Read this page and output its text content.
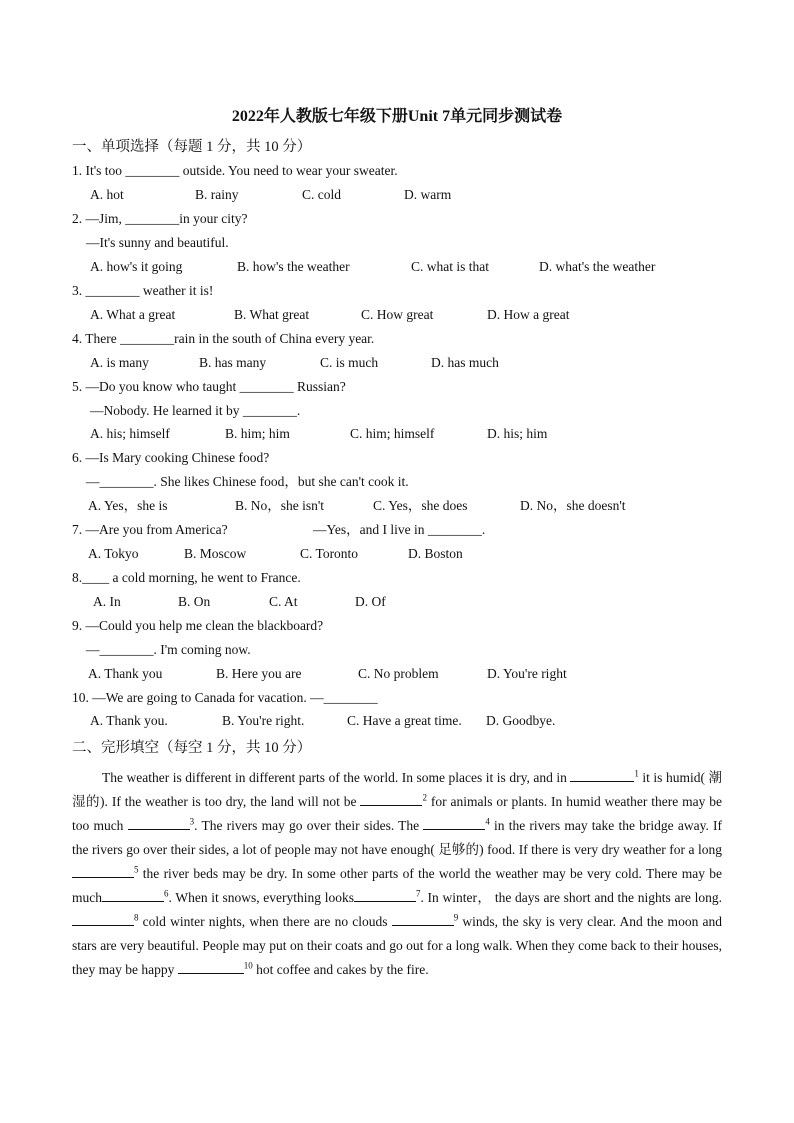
2022年人教版七年级下册Unit 7单元同步测试卷
一、单项选择（每题 1 分，共 10 分）
1. It's too ________ outside. You need to wear your sweater.
A. hot	B. rainy	C. cold	D. warm
2. —Jim, ________in your city?
—It's sunny and beautiful.
A. how's it going	B. how's the weather	C. what is that	D. what's the weather
3. ________ weather it is!
A. What a great	B. What great	C. How great	D. How a great
4. There ________rain in the south of China every year.
A. is many	B. has many	C. is much	D. has much
5. —Do you know who taught ________ Russian?
—Nobody. He learned it by ________.
A. his; himself	B. him; him	C. him; himself	D. his; him
6. —Is Mary cooking Chinese food?
—________. She likes Chinese food，but she can't cook it.
A. Yes，she is	B. No，she isn't	C. Yes，she does	D. No，she doesn't
7. —Are you from America?	—Yes，and I live in ________.
A. Tokyo	B. Moscow	C. Toronto	D. Boston
8.____ a cold morning, he went to France.
A. In	B. On	C. At	D. Of
9. —Could you help me clean the blackboard?
—________. I'm coming now.
A. Thank you	B. Here you are	C. No problem	D. You're right
10. —We are going to Canada for vacation. —________
A. Thank you.	B. You're right.	C. Have a great time. D. Goodbye.
二、完形填空（每空 1 分，共 10 分）
The weather is different in different parts of the world. In some places it is dry, and in	$^1$ it is humid( 潮湿的). If the weather is too dry, the land will not be	$^2$ for animals or plants. In humid weather there may be too much	$^3$. The rivers may go over their sides. The	$^4$ in the rivers may take the bridge away. If the rivers go over their sides, a lot of people may not have enough( 足够的) food. If there is very dry weather for a long $^5$ the river beds may be dry. In some other parts of the world the weather may be very cold. There may be much	$^6$. When it snows, everything looks	$^7$. In winter， the days are short and the nights are long. $^8$ cold winter nights, when there are no clouds	$^9$ winds, the sky is very clear. And the moon and stars are very beautiful. People may put on their coats and go out for a long walk. When they come back to their houses, they may be happy	$^{10}$ hot coffee and cakes by the fire.
